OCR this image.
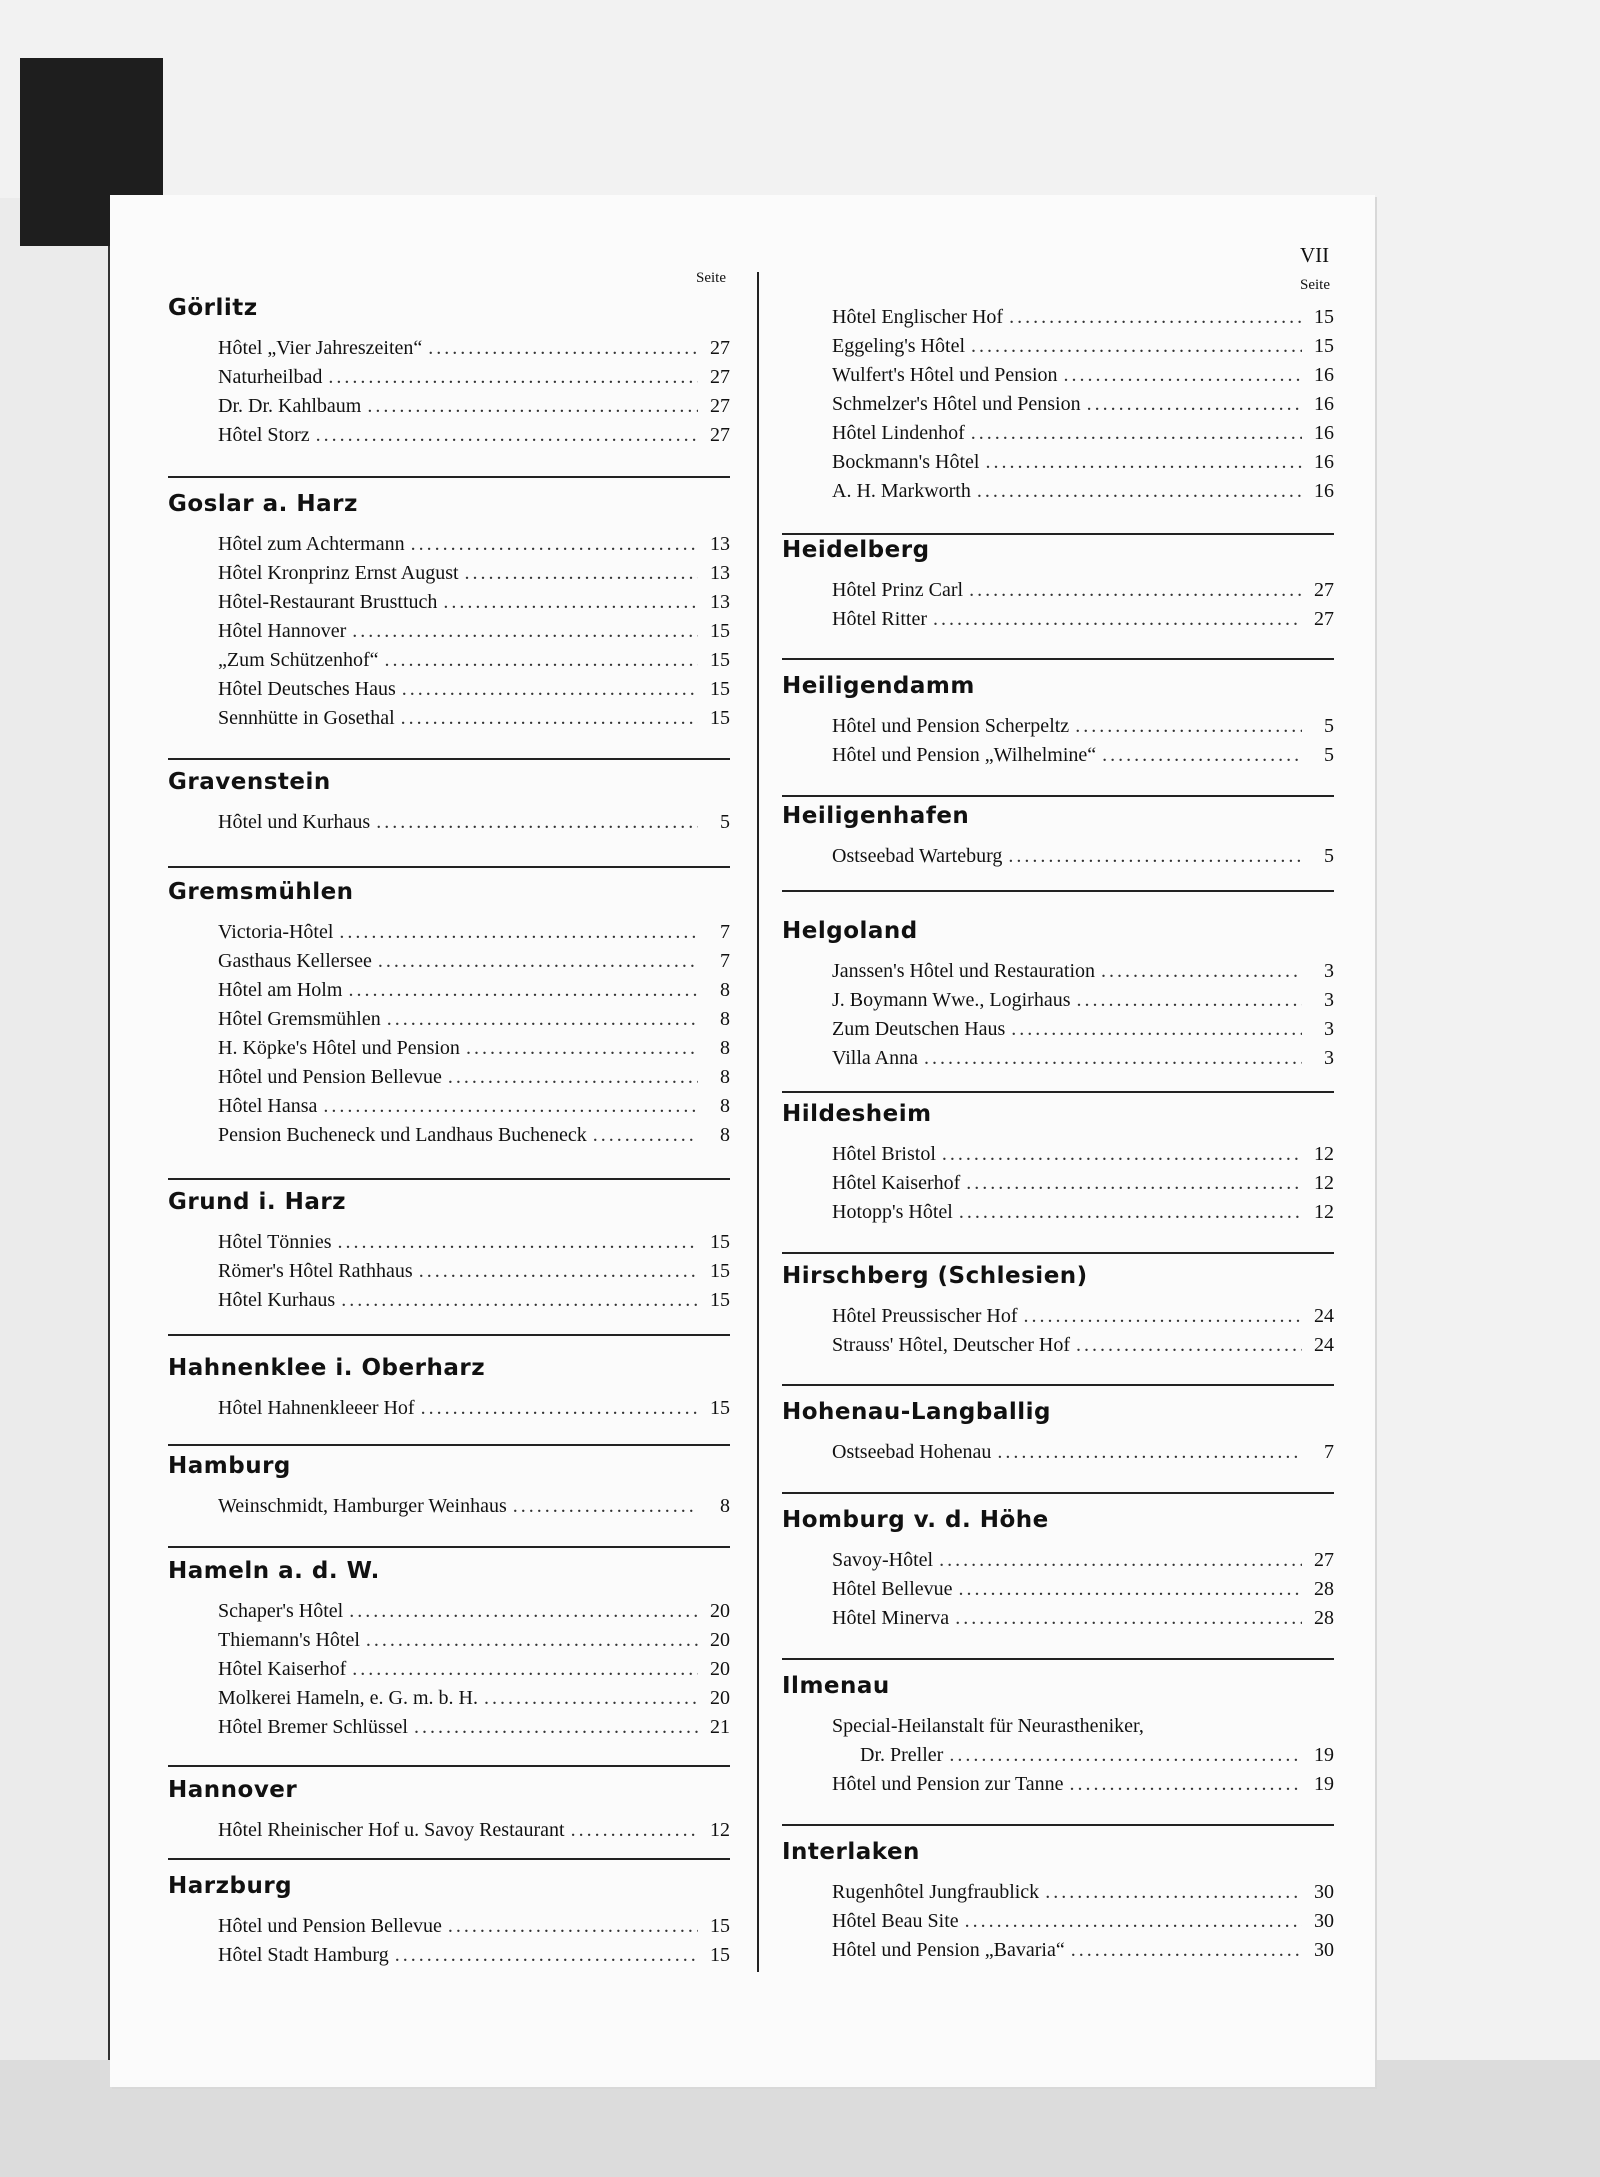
VII
Seite
Görlitz
Hôtel „Vier Jahreszeiten“ .....	27
Naturheilbad .....	27
Dr. Dr. Kahlbaum .....	27
Hôtel Storz .....	27
Goslar a. Harz
Hôtel zum Achtermann .....	13
Hôtel Kronprinz Ernst August .....	13
Hôtel-Restaurant Brusttuch .....	13
Hôtel Hannover .....	15
„Zum Schützenhof“ .....	15
Hôtel Deutsches Haus .....	15
Sennhütte in Gosethal .....	15
Gravenstein
Hôtel und Kurhaus .....	5
Gremsmühlen
Victoria-Hôtel .....	7
Gasthaus Kellersee .....	7
Hôtel am Holm .....	8
Hôtel Gremsmühlen .....	8
H. Köpke's Hôtel und Pension .....	8
Hôtel und Pension Bellevue .....	8
Hôtel Hansa .....	8
Pension Bucheneck und Landhaus Bucheneck .....	8
Grund i. Harz
Hôtel Tönnies .....	15
Römer's Hôtel Rathhaus .....	15
Hôtel Kurhaus .....	15
Hahnenklee i. Oberharz
Hôtel Hahnenkleeer Hof .....	15
Hamburg
Weinschmidt, Hamburger Weinhaus .....	8
Hameln a. d. W.
Schaper's Hôtel .....	20
Thiemann's Hôtel .....	20
Hôtel Kaiserhof .....	20
Molkerei Hameln, e. G. m. b. H. .....	20
Hôtel Bremer Schlüssel .....	21
Hannover
Hôtel Rheinischer Hof u. Savoy Restaurant .....	12
Harzburg
Hôtel und Pension Bellevue .....	15
Hôtel Stadt Hamburg .....	15
Seite
Hôtel Englischer Hof .....	15
Eggeling's Hôtel .....	15
Wulfert's Hôtel und Pension .....	16
Schmelzer's Hôtel und Pension .....	16
Hôtel Lindenhof .....	16
Bockmann's Hôtel .....	16
A. H. Markworth .....	16
Heidelberg
Hôtel Prinz Carl .....	27
Hôtel Ritter .....	27
Heiligendamm
Hôtel und Pension Scherpeltz .....	5
Hôtel und Pension „Wilhelmine“ .....	5
Heiligenhafen
Ostseebad Warteburg .....	5
Helgoland
Janssen's Hôtel und Restauration .....	3
J. Boymann Wwe., Logirhaus .....	3
Zum Deutschen Haus .....	3
Villa Anna .....	3
Hildesheim
Hôtel Bristol .....	12
Hôtel Kaiserhof .....	12
Hotopp's Hôtel .....	12
Hirschberg (Schlesien)
Hôtel Preussischer Hof .....	24
Strauss' Hôtel, Deutscher Hof .....	24
Hohenau-Langballig
Ostseebad Hohenau .....	7
Homburg v. d. Höhe
Savoy-Hôtel .....	27
Hôtel Bellevue .....	28
Hôtel Minerva .....	28
Ilmenau
Special-Heilanstalt für Neurastheniker,
Dr. Preller .....	19
Hôtel und Pension zur Tanne .....	19
Interlaken
Rugenhôtel Jungfraublick .....	30
Hôtel Beau Site .....	30
Hôtel und Pension „Bavaria“ .....	30
